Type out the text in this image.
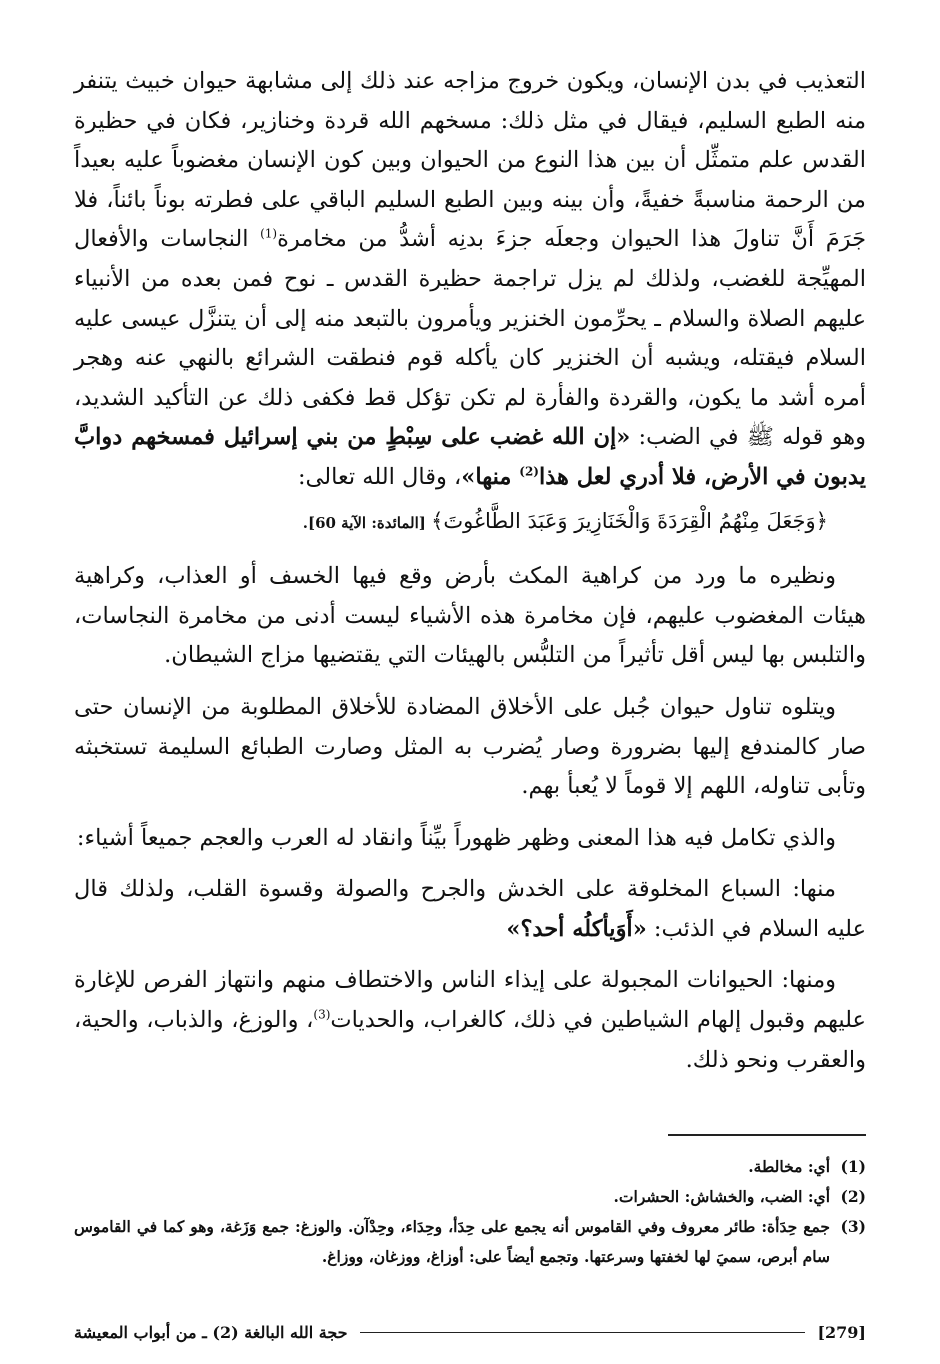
التعذيب في بدن الإنسان، ويكون خروج مزاجه عند ذلك إلى مشابهة حيوان خبيث يتنفر منه الطبع السليم، فيقال في مثل ذلك: مسخهم الله قردة وخنازير، فكان في حظيرة القدس علم متمثِّل أن بين هذا النوع من الحيوان وبين كون الإنسان مغضوباً عليه بعيداً من الرحمة مناسبةً خفيةً، وأن بينه وبين الطبع السليم الباقي على فطرته بوناً بائناً، فلا جَرَمَ أَنَّ تناولَ هذا الحيوان وجعلَه جزءَ بدنِه أشدُّ من مخامرة$^{(1)}$ النجاسات والأفعال المهيِّجة للغضب، ولذلك لم يزل تراجمة حظيرة القدس ـ نوح فمن بعده من الأنبياء عليهم الصلاة والسلام ـ يحرِّمون الخنزير ويأمرون بالتبعد منه إلى أن يتنزَّل عيسى عليه السلام فيقتله، ويشبه أن الخنزير كان يأكله قوم فنطقت الشرائع بالنهي عنه وهجر أمره أشد ما يكون، والقردة والفأرة لم تكن تؤكل قط فكفى ذلك عن التأكيد الشديد، وهو قوله ﷺ في الضب: «إن الله غضب على سِبْطٍ من بني إسرائيل فمسخهم دوابَّ يدبون في الأرض، فلا أدري لعل هذا$^{(2)}$ منها»، وقال الله تعالى:

﴿وَجَعَلَ مِنْهُمُ الْقِرَدَةَ وَالْخَنَازِيرَ وَعَبَدَ الطَّاغُوتَ﴾ [المائدة: الآية 60].

ونظيره ما ورد من كراهية المكث بأرض وقع فيها الخسف أو العذاب، وكراهية هيئات المغضوب عليهم، فإن مخامرة هذه الأشياء ليست أدنى من مخامرة النجاسات، والتلبس بها ليس أقل تأثيراً من التلبُّس بالهيئات التي يقتضيها مزاج الشيطان.

ويتلوه تناول حيوان جُبل على الأخلاق المضادة للأخلاق المطلوبة من الإنسان حتى صار كالمندفع إليها بضرورة وصار يُضرب به المثل وصارت الطبائع السليمة تستخبثه وتأبى تناوله، اللهم إلا قوماً لا يُعبأ بهم.

والذي تكامل فيه هذا المعنى وظهر ظهوراً بيِّناً وانقاد له العرب والعجم جميعاً أشياء:

منها: السباع المخلوقة على الخدش والجرح والصولة وقسوة القلب، ولذلك قال عليه السلام في الذئب: «أَوَيأكلُه أحد؟»

ومنها: الحيوانات المجبولة على إيذاء الناس والاختطاف منهم وانتهاز الفرص للإغارة عليهم وقبول إلهام الشياطين في ذلك، كالغراب، والحديات$^{(3)}$، والوزغ، والذباب، والحية، والعقرب ونحو ذلك.

(1)
أي: مخالطة.
(2)
أي: الضب، والخشاش: الحشرات.
(3)
جمع حِدَأة: طائر معروف وفي القاموس أنه يجمع على حِدَأ، وحِدَاء، وحِدْآن. والوزغ: جمع وَزَغة، وهو كما في القاموس سام أبرص، سميَ لها لخفتها وسرعتها. وتجمع أيضاً على: أوزاغ، ووزغان، ووزاغ.
[279]
حجة الله البالغة (2) ـ من أبواب المعيشة
